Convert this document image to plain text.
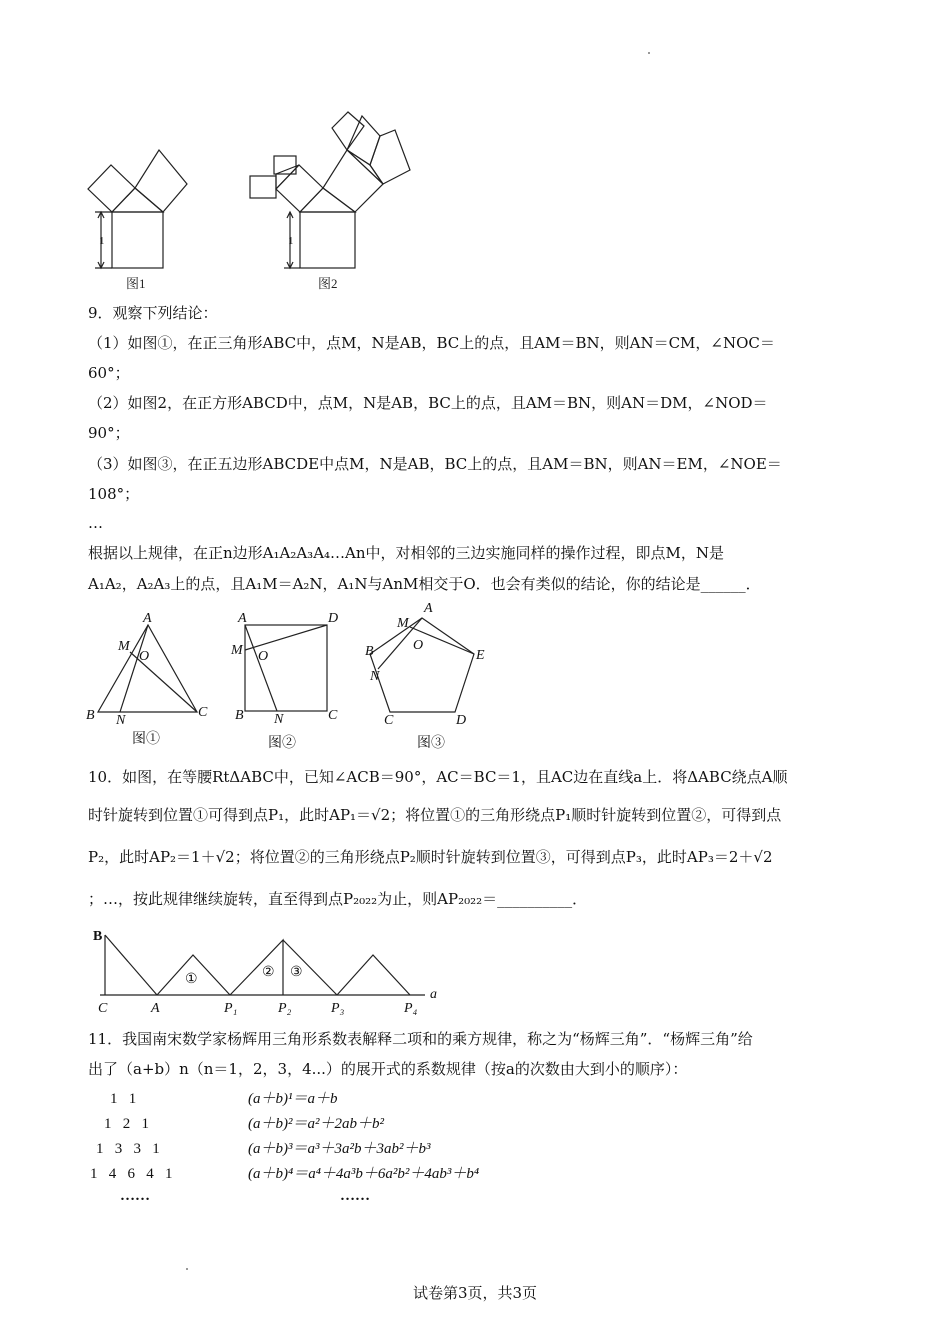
1
图1
1
图2
A
M
O
B N
C
图①
A	D
M O
B N	C
图②
A
M
O
B	E
N
C	D
图③
B
C	A	P₁	P₂	P₃	P₄
a
①	② ③
9．观察下列结论：
（1）如图①，在正三角形ABC中，点M，N是AB，BC上的点，且AM＝BN，则AN＝CM，∠NOC＝
60°；
（2）如图2，在正方形ABCD中，点M，N是AB，BC上的点，且AM＝BN，则AN＝DM，∠NOD＝
90°；
（3）如图③，在正五边形ABCDE中点M，N是AB，BC上的点，且AM＝BN，则AN＝EM，∠NOE＝
108°；
…
根据以上规律，在正n边形A₁A₂A₃A₄…An中，对相邻的三边实施同样的操作过程，即点M，N是
A₁A₂，A₂A₃上的点，且A₁M＝A₂N，A₁N与AnM相交于O．也会有类似的结论，你的结论是______．
10．如图，在等腰RtΔABC中，已知∠ACB＝90°，AC＝BC＝1，且AC边在直线a上．将ΔABC绕点A顺
时针旋转到位置①可得到点P₁，此时AP₁＝√2；将位置①的三角形绕点P₁顺时针旋转到位置②，可得到点
P₂，此时AP₂＝1＋√2；将位置②的三角形绕点P₂顺时针旋转到位置③，可得到点P₃，此时AP₃＝2＋√2
；…，按此规律继续旋转，直至得到点P₂₀₂₂为止，则AP₂₀₂₂＝__________．
11．我国南宋数学家杨辉用三角形系数表解释二项和的乘方规律，称之为“杨辉三角”．“杨辉三角”给
出了（a+b）n（n＝1，2，3，4...）的展开式的系数规律（按a的次数由大到小的顺序）：
1   1
1   2   1
1   3   3   1
1   4   6   4   1
……
(a＋b)¹＝a＋b
(a＋b)²＝a²＋2ab＋b²
(a＋b)³＝a³＋3a²b＋3ab²＋b³
(a＋b)⁴＝a⁴＋4a³b＋6a²b²＋4ab³＋b⁴
……
试卷第3页，共3页
